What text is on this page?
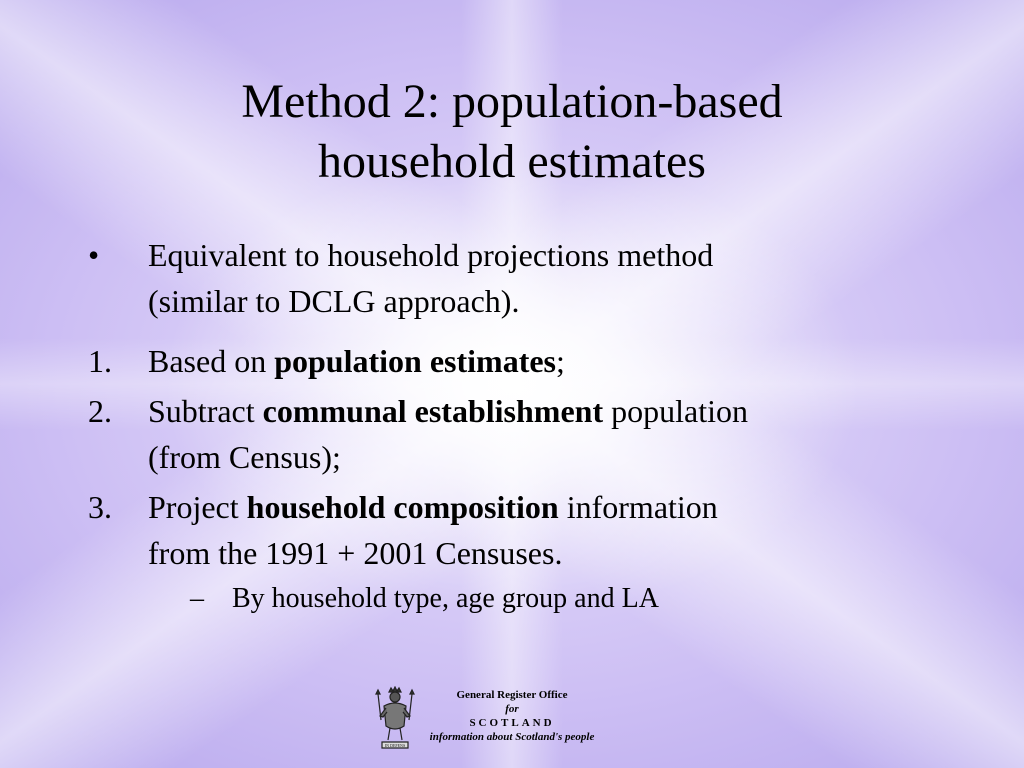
Method 2: population-based
household estimates
•	Equivalent to household projections method
(similar to DCLG approach).
1.	Based on population estimates;
2.	Subtract communal establishment population
(from Census);
3.	Project household composition information
from the 1991 + 2001 Censuses.
– By household type, age group and LA
IN DEFENS
General Register Office
for
SCOTLAND
information about Scotland's people
